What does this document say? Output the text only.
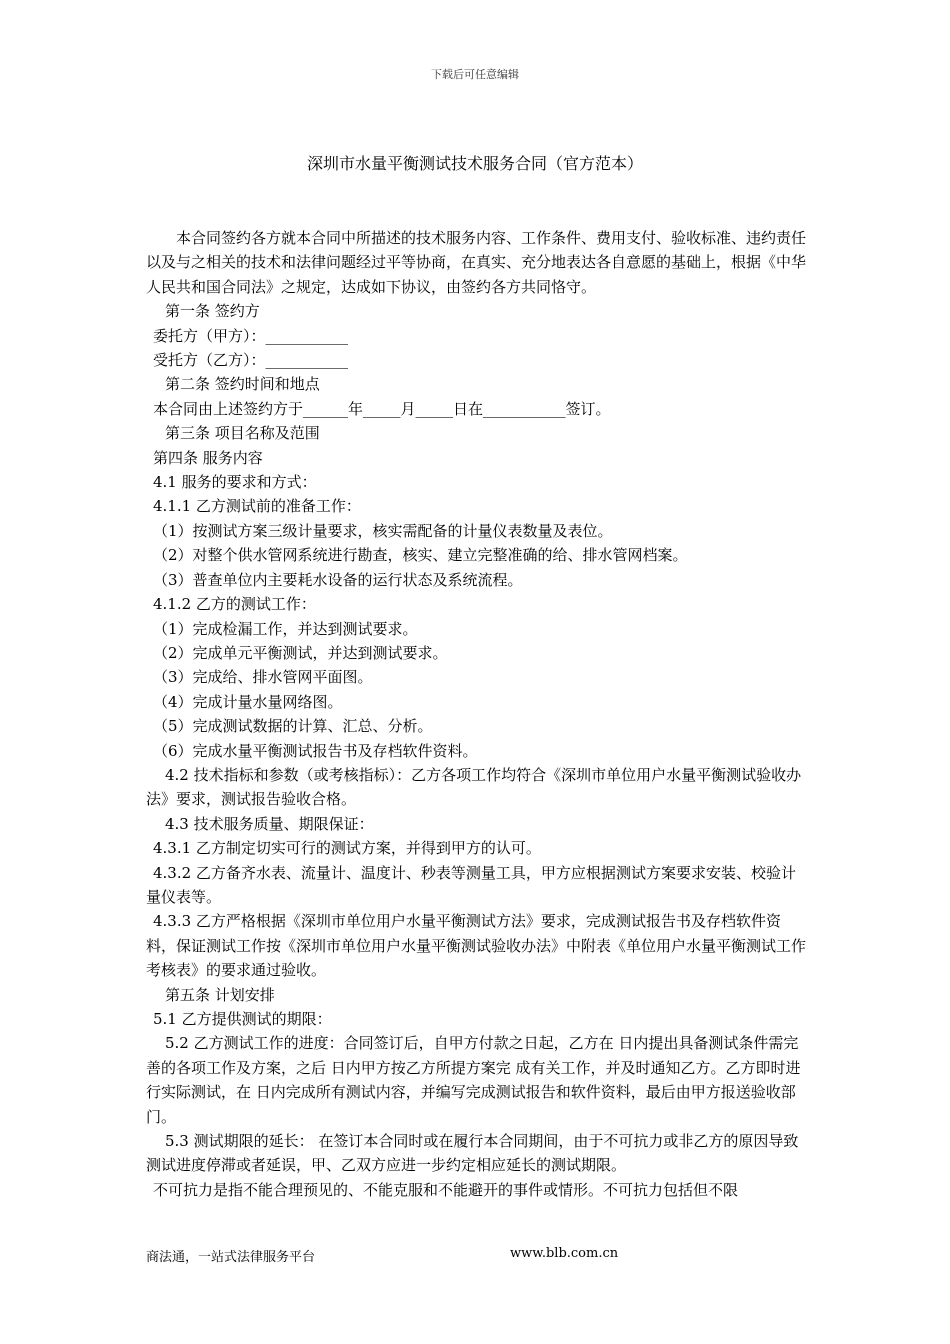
下载后可任意编辑
深圳市水量平衡测试技术服务合同（官方范本）

本合同签约各方就本合同中所描述的技术服务内容、工作条件、费用支付、验收标准、违约责任以及与之相关的技术和法律问题经过平等协商，在真实、充分地表达各自意愿的基础上，根据《中华人民共和国合同法》之规定，达成如下协议，由签约各方共同恪守。

第一条 签约方

委托方（甲方）：___________

受托方（乙方）：___________

第二条 签约时间和地点

本合同由上述签约方于______年_____月_____日在___________签订。

第三条 项目名称及范围

第四条 服务内容

4.1 服务的要求和方式：

4.1.1 乙方测试前的准备工作：

（1）按测试方案三级计量要求，核实需配备的计量仪表数量及表位。

（2）对整个供水管网系统进行勘查，核实、建立完整准确的给、排水管网档案。

（3）普查单位内主要耗水设备的运行状态及系统流程。

4.1.2 乙方的测试工作：

（1）完成检漏工作，并达到测试要求。

（2）完成单元平衡测试，并达到测试要求。

（3）完成给、排水管网平面图。

（4）完成计量水量网络图。

（5）完成测试数据的计算、汇总、分析。

（6）完成水量平衡测试报告书及存档软件资料。

4.2 技术指标和参数（或考核指标）：乙方各项工作均符合《深圳市单位用户水量平衡测试验收办法》要求，测试报告验收合格。

4.3 技术服务质量、期限保证：

4.3.1 乙方制定切实可行的测试方案，并得到甲方的认可。

4.3.2 乙方备齐水表、流量计、温度计、秒表等测量工具，甲方应根据测试方案要求安装、校验计量仪表等。

4.3.3 乙方严格根据《深圳市单位用户水量平衡测试方法》要求，完成测试报告书及存档软件资料，保证测试工作按《深圳市单位用户水量平衡测试验收办法》中附表《单位用户水量平衡测试工作考核表》的要求通过验收。

第五条 计划安排

5.1 乙方提供测试的期限：

5.2 乙方测试工作的进度：合同签订后，自甲方付款之日起，乙方在 日内提出具备测试条件需完善的各项工作及方案，之后 日内甲方按乙方所提方案完 成有关工作，并及时通知乙方。乙方即时进行实际测试，在 日内完成所有测试内容，并编写完成测试报告和软件资料，最后由甲方报送验收部门。

5.3 测试期限的延长： 在签订本合同时或在履行本合同期间，由于不可抗力或非乙方的原因导致测试进度停滞或者延误，甲、乙双方应进一步约定相应延长的测试期限。

不可抗力是指不能合理预见的、不能克服和不能避开的事件或情形。不可抗力包括但不限

商法通，一站式法律服务平台	www.blb.com.cn
